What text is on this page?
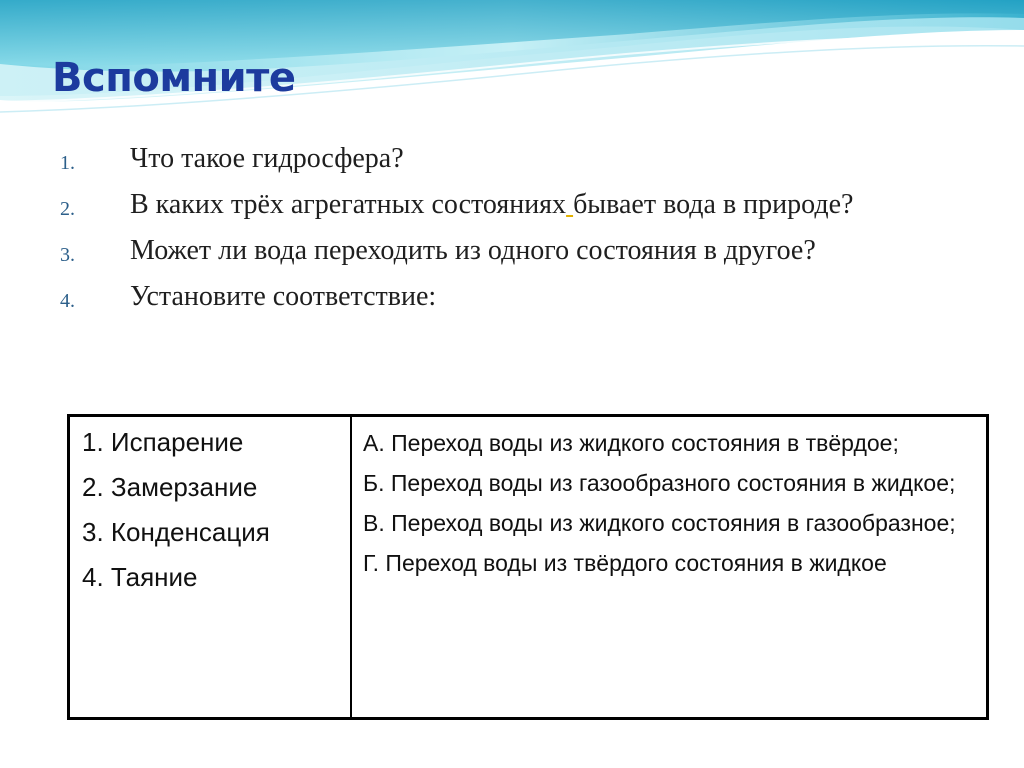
Вспомните
1. Что такое гидросфера?
2. В каких трёх агрегатных состояниях бывает вода в природе?
3. Может ли вода переходить из одного состояния в другое?
4. Установите соответствие:
1. Испарение
2. Замерзание
3. Конденсация
4. Таяние
А. Переход воды из жидкого состояния в твёрдое;
Б. Переход воды из газообразного состояния в жидкое;
В. Переход воды из жидкого состояния в газообразное;
Г. Переход воды из твёрдого состояния в жидкое
